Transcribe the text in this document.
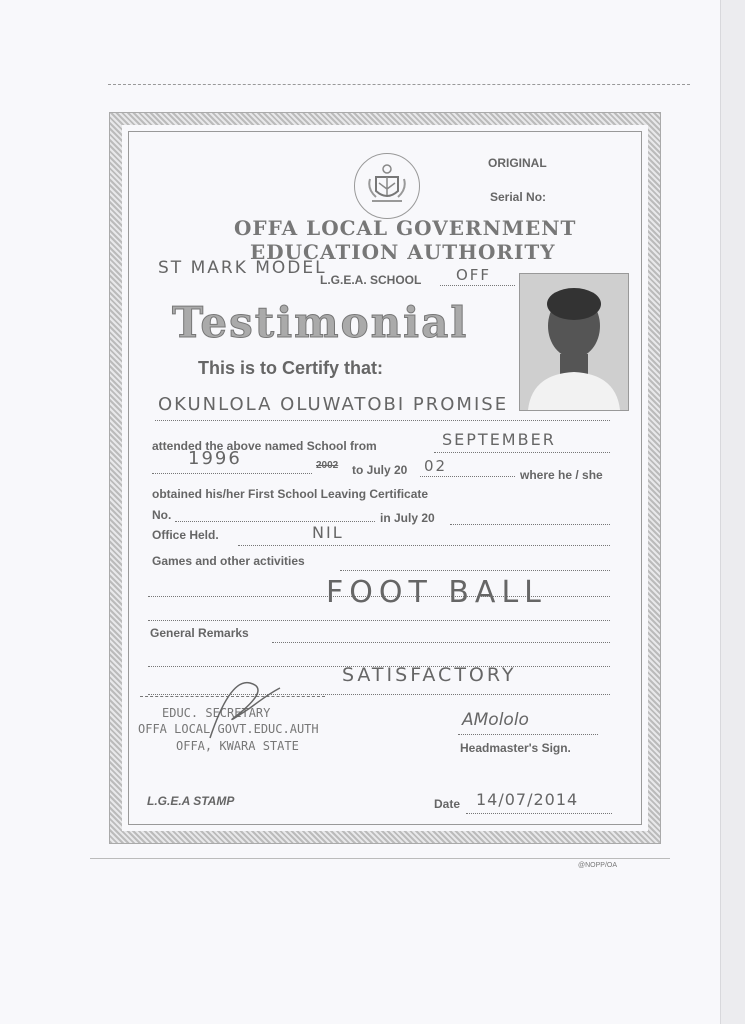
ORIGINAL
Serial No:
OFFA LOCAL GOVERNMENT
EDUCATION AUTHORITY
ST MARK MODEL
L.G.E.A. SCHOOL OFF
Testimonial
This is to Certify that:
OKUNLOLA OLUWATOBI PROMISE
attended the above named School from	SEPTEMBER
1996	2002 to July 20 02	where he / she
obtained his/her First School Leaving Certificate
No.	in July 20
Office Held.	NIL
Games and other activities
FOOT BALL
General Remarks
SATISFACTORY
EDUC. SECRETARY
OFFA LOCAL GOVT.EDUC.AUTH
OFFA, KWARA STATE
AMololo
Headmaster's Sign.
L.G.E.A STAMP	Date 14/07/2014
@NOPP/OA
